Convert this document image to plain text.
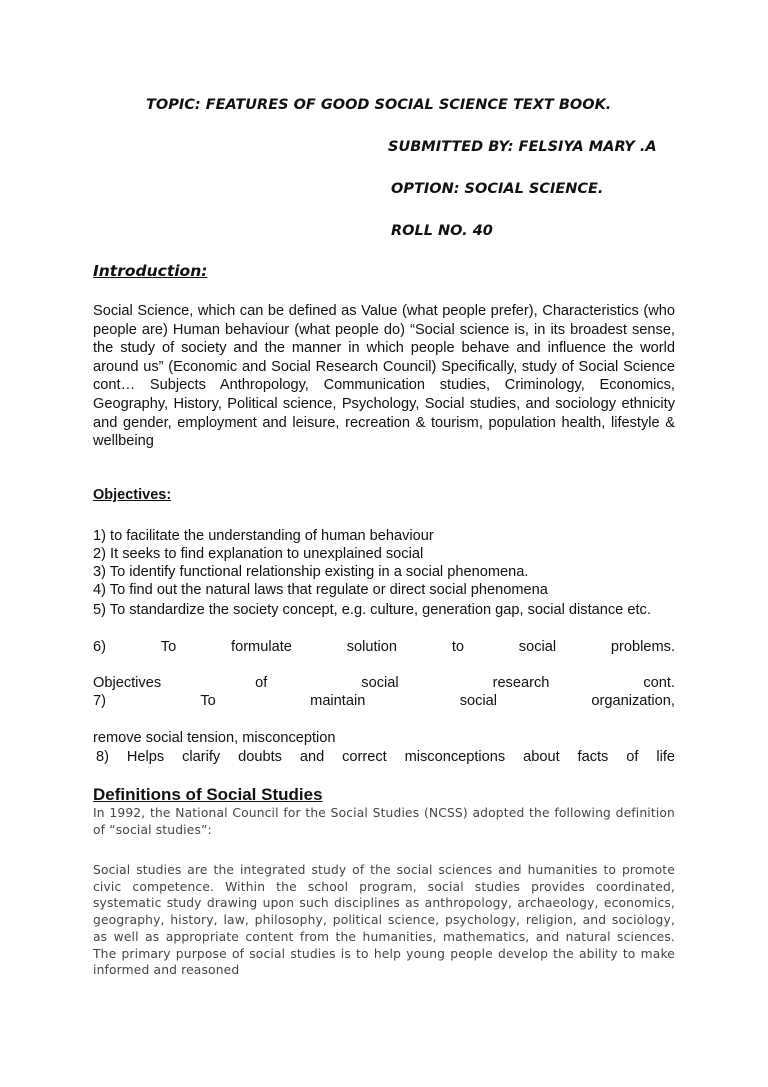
TOPIC: FEATURES OF GOOD SOCIAL SCIENCE TEXT BOOK.
SUBMITTED BY: FELSIYA MARY .A
OPTION: SOCIAL SCIENCE.
ROLL NO. 40
Introduction:

Social Science, which can be defined as Value (what people prefer), Characteristics (who people are) Human behaviour (what people do) “Social science is, in its broadest sense, the study of society and the manner in which people behave and influence the world around us” (Economic and Social Research Council) Specifically, study of Social Science cont… Subjects Anthropology, Communication studies, Criminology, Economics, Geography, History, Political science, Psychology, Social studies, and sociology ethnicity and gender, employment and leisure, recreation & tourism, population health, lifestyle & wellbeing

Objectives:

1) to facilitate the understanding of human behaviour

2) It seeks to find explanation to unexplained social

3) To identify functional relationship existing in a social phenomena.

4) To find out the natural laws that regulate or direct social phenomena

5) To standardize the society concept, e.g. culture, generation gap, social distance etc.

6)	To	formulate	solution	to	social	problems.
Objectives	of	social	research	cont.
7)	To	maintain	social	organization,

remove social tension, misconception

8) Helps clarify doubts and correct misconceptions about facts of life

Definitions of Social Studies

In 1992, the National Council for the Social Studies (NCSS) adopted the following definition of “social studies”:

Social studies are the integrated study of the social sciences and humanities to promote civic competence. Within the school program, social studies provides coordinated, systematic study drawing upon such disciplines as anthropology, archaeology, economics, geography, history, law, philosophy, political science, psychology, religion, and sociology, as well as appropriate content from the humanities, mathematics, and natural sciences. The primary purpose of social studies is to help young people develop the ability to make informed and reasoned
